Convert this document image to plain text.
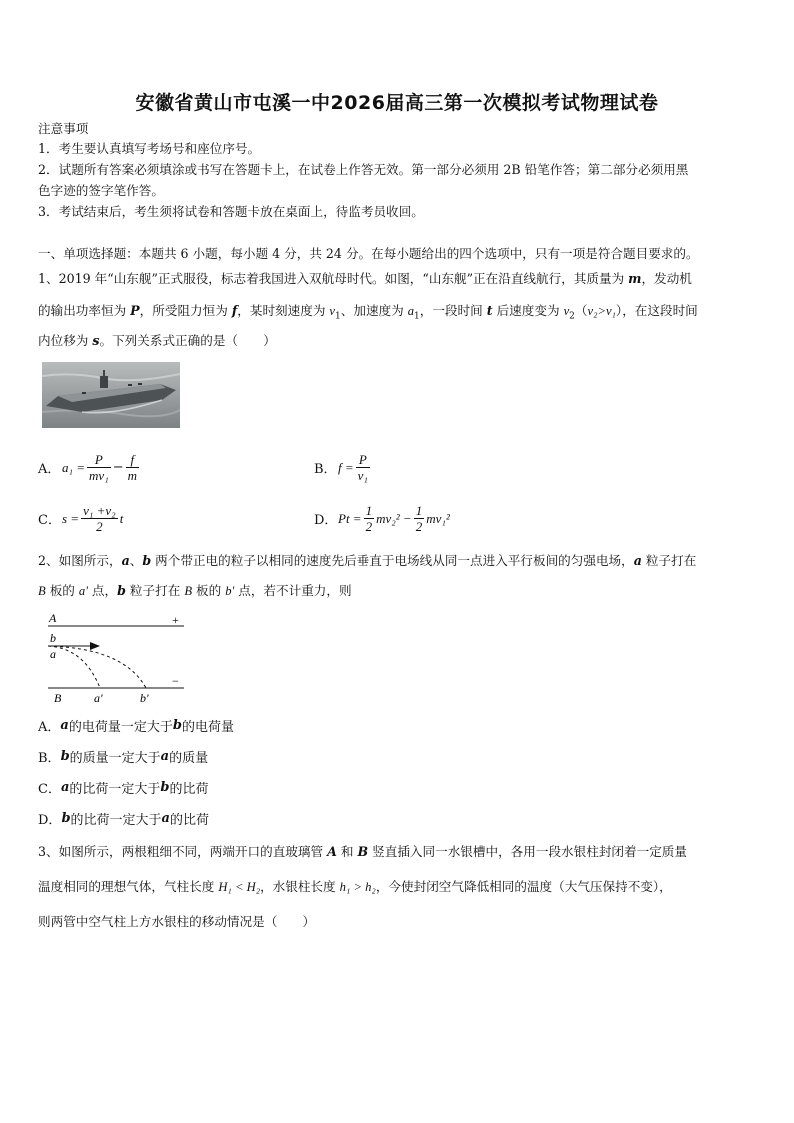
安徽省黄山市屯溪一中2026届高三第一次模拟考试物理试卷
注意事项
1．考生要认真填写考场号和座位序号。
2．试题所有答案必须填涂或书写在答题卡上，在试卷上作答无效。第一部分必须用 2B 铅笔作答；第二部分必须用黑
色字迹的签字笔作答。
3．考试结束后，考生须将试卷和答题卡放在桌面上，待监考员收回。
一、单项选择题：本题共 6 小题，每小题 4 分，共 24 分。在每小题给出的四个选项中，只有一项是符合题目要求的。
1、2019 年“山东舰”正式服役，标志着我国进入双航母时代。如图，“山东舰”正在沿直线航行，其质量为 m，发动机
的输出功率恒为 P，所受阻力恒为 f，某时刻速度为 $v_1$、加速度为 $a_1$，一段时间 t 后速度变为 $v_2(v_2>v_1)$，在这段时间
内位移为 s。下列关系式正确的是（　　）
A． $a_1 = \frac{P}{\text{mv₁}} - \frac{f}{m}$	B． $f = \frac{P}{\text{v₁}}$
C． $s = \frac{\text{v₁ +v₂}}{2}$ t	D． $Pt = \frac{1}{2} mv_2^2 - \frac{1}{2} mv_1^2$
2、如图所示，a、b 两个带正电的粒子以相同的速度先后垂直于电场线从同一点进入平行板间的匀强电场，a 粒子打在
B 板的 a' 点，b 粒子打在 B 板的 b' 点，若不计重力，则
A	+
b
a
−
B	a′	b′
A． a 的电荷量一定大于 b 的电荷量
B． b 的质量一定大于 a 的质量
C． a 的比荷一定大于 b 的比荷
D． b 的比荷一定大于 a 的比荷
3、如图所示，两根粗细不同，两端开口的直玻璃管 A 和 B 竖直插入同一水银槽中，各用一段水银柱封闭着一定质量
温度相同的理想气体，气柱长度 H₁ < H₂，水银柱长度 h₁ > h₂，今使封闭空气降低相同的温度（大气压保持不变），
则两管中空气柱上方水银柱的移动情况是（　　）
